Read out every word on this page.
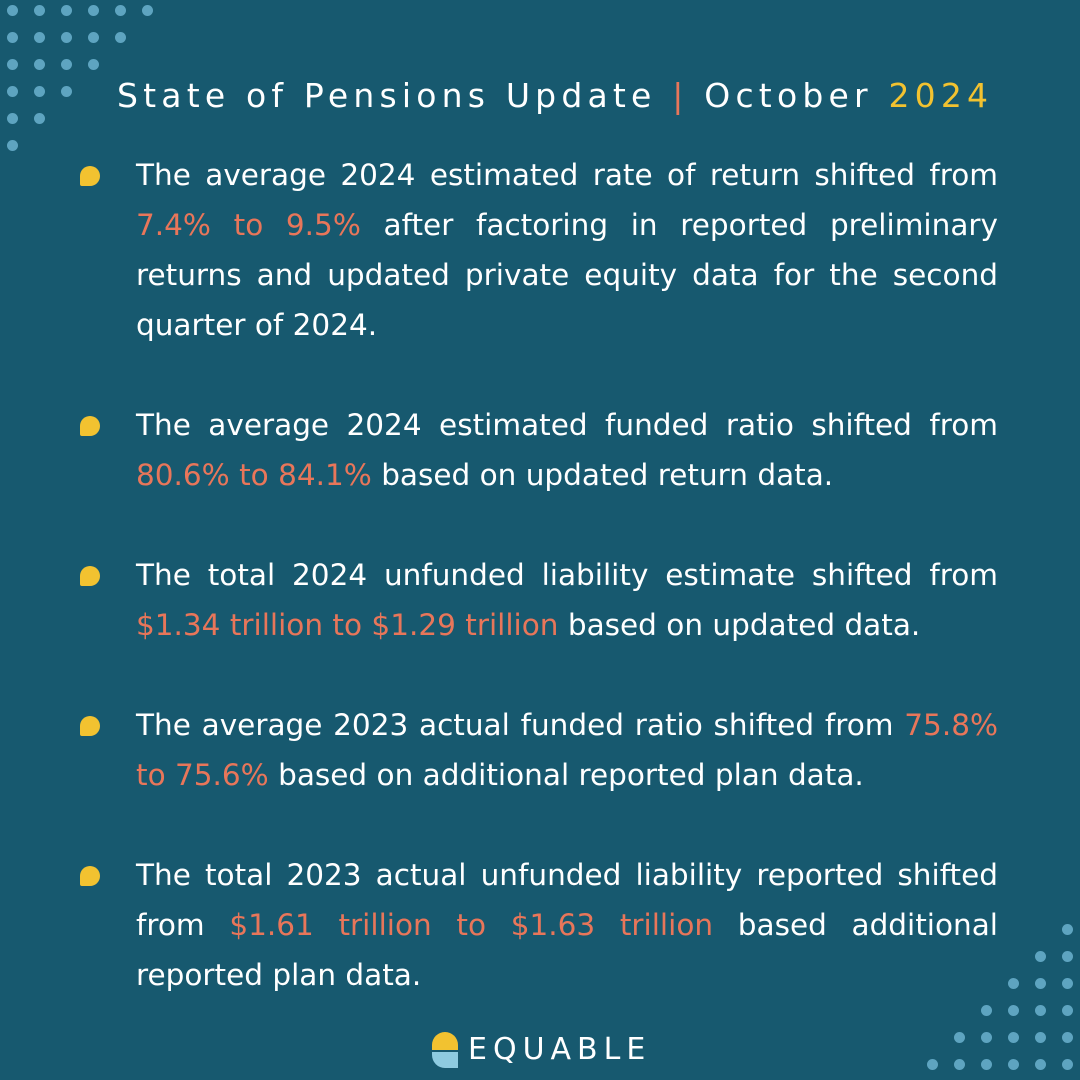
State of Pensions Update | October 2024

The average 2024 estimated rate of return shifted from 7.4% to 9.5% after factoring in reported preliminary returns and updated private equity data for the second quarter of 2024.

The average 2024 estimated funded ratio shifted from 80.6% to 84.1% based on updated return data.

The total 2024 unfunded liability estimate shifted from $1.34 trillion to $1.29 trillion based on updated data.

The average 2023 actual funded ratio shifted from 75.8% to 75.6% based on additional reported plan data.

The total 2023 actual unfunded liability reported shifted from $1.61 trillion to $1.63 trillion based additional reported plan data.

EQUABLE
